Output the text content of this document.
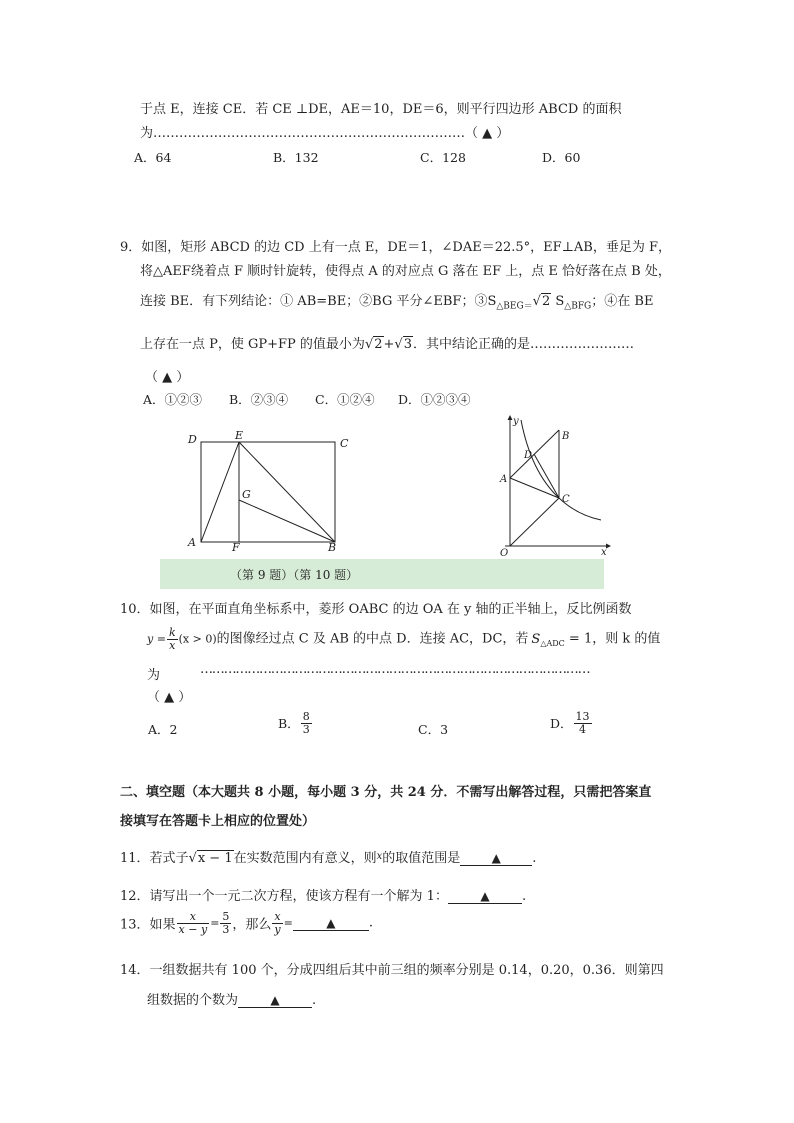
于点 E，连接 CE．若 CE ⊥DE，AE＝10，DE＝6，则平行四边形 ABCD 的面积
为………………………………………………………………（ ▲ ）
A．64	B．132	C．128	D．60
9．如图，矩形 ABCD 的边 CD 上有一点 E，DE＝1，∠DAE＝22.5°，EF⊥AB，垂足为 F，
将△AEF绕着点 F 顺时针旋转，使得点 A 的对应点 G 落在 EF 上，点 E 恰好落在点 B 处，
连接 BE．有下列结论：① AB=BE；②BG 平分∠EBF；$③S_{\triangle BEG=}√2$ $S_{\triangle BFG}$；④在 BE
上存在一点 P，使 GP+FP 的值最小为√2+√3．其中结论正确的是……………………
（ ▲ ）
A．①②③ B．②③④ C．①②④ D．①②③④
D	E
C
G
A	F	B
y
B
D
A
C
O	x
（第 9 题）（第 10 题）
10．如图，在平面直角坐标系中，菱形 OABC 的边 OA 在 y 轴的正半轴上，反比例函数
$y = \frac{k}{x} (x > 0)$的图像经过点 C 及 AB 的中点 D．连接 AC，DC，若 $S_{\triangle ADC} = 1$，则 k 的值
为	………………………………………………………………………………………
（ ▲ ）
A．2	B． $\frac{8}{3}$	C．3	D． $\frac{13}{4}$
二、填空题（本大题共 8 小题，每小题 3 分，共 24 分．不需写出解答过程，只需把答案直
接填写在答题卡上相应的位置处）
11．若式子√x − 1在实数范围内有意义，则$^x$的取值范围是	▲ .
12．请写出一个一元二次方程，使该方程有一个解为 1：	▲ .
13．如果 $\frac{x}{x - y} = \frac{5}{3}$ ，那么 $\frac{x}{y}$ =	▲	.
14．一组数据共有 100 个，分成四组后其中前三组的频率分别是 0.14，0.20，0.36．则第四
组数据的个数为	▲ .
